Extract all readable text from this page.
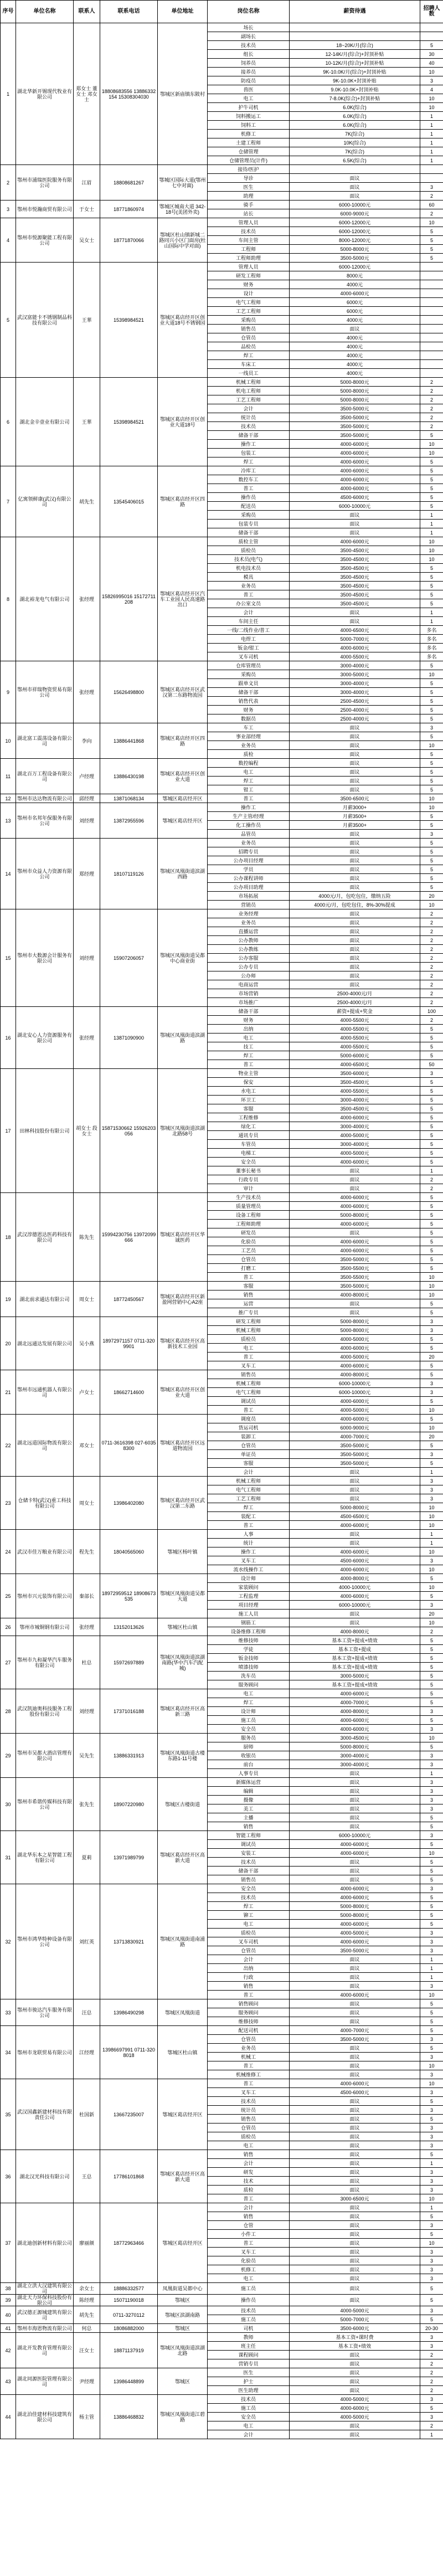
序号	单位名称	联系人	联系电话	单位地址	岗位名称	薪资待遇	招聘人数
1	湖北华新开锡现代牧业有限公司	郑女士 董女士 邓女士	18808683556 13886332154 15308304030	鄂城区新庙镇东陂村	场长		
					副场长		
					技术员	18~20K/月(综合)	5
					组长	12-14K/月(综合)+封顶补贴	30
					饲养员	10-12K/月(综合)+封顶补贴	40
					接养员	9K-10.0K/月(综合)+封顶补贴	10
					防疫员	9K-10.0K+封顶补贴	3
					兽医	9.0K-10.0K+封顶补贴	4
					电工	7-8.0K(综合)+封顶补贴	10
					护牛司机	6.0K(综合)	10
					饲料搬运工	6.0K(综合)	1
					饲料工	6.0K(综合)	1
					机修工	7K(综合)	1
					土建工程师	10K(综合)	1
					仓储管理	7K(综合)	1
					仓储管理员(计件)	6.5K(综合)	1
2	鄂州市浦瑞医院服务有限公司	江眉	18808681267	鄂城区国际大道(鄂州七中对面)	接待/医护		
					导诊	面议	
					医生	面议	3
					助理	面议	2
3	鄂州市悦瀚商贸有限公司	于女士	18771860974	鄂城区城南大道 342-18号(美团外卖)	骑手	6000-10000元	60
					站长	6000-9000元	2
4	鄂州市悦源聚能工程有限公司	吴女士	18771870066	鄂城区杜山镇新城二路同兴小区门面房(杜山国际中学对面)	管理人员	6000-12000元	10
					技术员	6000-12000元	5
					车间主管	8000-12000元	5
					工程师	5000-8000元	5
					工程师助理	3500-5000元	5
5	武汉富能卡不锈钢制品科技有限公司	王華	15398984521	鄂城区葛店经开区创业大道18号不锈钢园	管理人员	6000-12000元	
					研发工程师	8000元	
					财务	4000元	
					设计	4000-6000元	
					电气工程师	6000元	
					工艺工程师	6000元	
					采购员	4000元	
					销售员	面议	
					仓管员	4000元	
					品检员	4000元	
					焊工	4000元	
					车床工	4000元	
					一线员工	4000元	
6	湖北金辛壹业有限公司	王華	15398984521	鄂城区葛店经开区创业大道18号	机械工程师	5000-8000元	2
					机电工程师	5000-8000元	2
					工艺工程师	5000-8000元	2
					会计	3500-5000元	2
					统计员	3500-5000元	2
					技术员	3500-5000元	2
					储备干部	3500-5000元	5
					操作工	4000-6000元	10
					包装工	4000-6000元	10
					焊工	4000-6000元	5
7	亿寓领鲜康(武汉)有限公司	胡先生	13545406015	鄂城区葛店经开区四路	冷库工	4000-6000元	5
					数控车工	4000-6000元	5
					普工	4000-6000元	5
					操作员	4500-6000元	5
					配送员	6000-10000元	5
					采购员	面议	1
					包装专员	面议	1
					储备干部	面议	1
8	湖北裕龙电气有限公司	张经理	15826995016 15172711208	鄂城区葛店经开区汽车工业园人民高速路出口	质检主管	4000-6000元	10
					质检员	3500-4500元	10
					技术员(电气)	3500-4500元	10
					机电技术员	3500-4500元	5
					模具	3500-4500元	5
					业务员	3500-4500元	5
					普工	3500-4500元	5
					办公室文员	3500-4500元	5
					会计	面议	1
					车间主任	面议	1
					一线/二线作业/普工	4000-6500元	多名
					电焊工	5000-7000元	多名
					钣金/钳工	4000-6000元	多名
					叉车司机	4000-5500元	多名
9	鄂州市祥瑞物资贸易有限公司	张经理	15626498800	鄂城区葛店经开区武汉第二东路物流园	仓库管理员	3000-4000元	5
					采购员	3000-5000元	10
					跟单文员	3000-4000元	5
					储备干部	3000-4000元	5
					销售代表	2500-4500元	5
					财务	2500-4000元	5
					数据员	2500-4000元	5
10	湖北富工震荡设备有限公司	李向	13886441868	鄂城区葛店经开区四路	车工	面议	3
					事业部经理	面议	5
					业务员	面议	10
					质检	面议	5
11	湖北百万工程设备有限公司	卢经理	13886430198	鄂城区葛店经开区创业大道	数控编程	面议	5
					电工	面议	5
					焊工	面议	5
					钳工	面议	5
12	鄂州市达达物流有限公司	邱经理	13871068134	鄂城区葛店经开区	普工	3500-6500元	10
13	鄂州市名邦年保服务有限公司	刘经理	13872955596	鄂城区葛店经开区	操作工	月薪3000+	10
					生产主管/经理	月薪3500+	5
					化工操作员	月薪3500+	5
					品管员	面议	3
14	鄂州市众益人力资源有限公司	郑经理	18107119126	鄂城区凤凰街道滨湖西路	业务员	面议	5
					招聘专员	面议	5
					公办项目经理	面议	5
					学员	面议	5
					公办课程讲师	面议	5
					公办项目助理	面议	5
					市场拓展	4000元/月，包吃包住，缴纳五险	20
					营销员	4000元/月，包吃包住，8%-30%提成	10
15	鄂州市大数源会计服务有限公司	刘经理	15907206057	鄂城区凤凰街道吴都中心商业街	业务经理	面议	2
					业务员	面议	2
					直播运营	面议	2
					公办教师	面议	2
					公办教练	面议	2
					公办客服	面议	2
					公办专员	面议	2
					公办师	面议	2
					电商运营	面议	2
					市场营销	2500-4000元/月	2
					市场推广	2500-4000元/月	2
16	湖北安心人力资源服务有限公司	张经理	13871090900	鄂城区凤凰街道滨湖路	储备干部	薪资+提成+奖金	100
					财务	4000-5500元	2
					出纳	4000-5500元	5
					电工	4000-5500元	5
					技工	4000-5500元	5
					焊工	5000-6000元	5
					普工	4000-6500元	50
17	田林科技股份有限公司	胡女士 段女士	15871530662 15926203056	鄂城区凤凰街道滨湖北路58号	物业主管	3500-6000元	3
					保安	3500-4500元	5
					水电工	4000-5500元	5
					环卫工	3000-4000元	5
					客服	3500-4500元	5
					工程维修	4000-6000元	5
					绿化工	3000-4000元	5
					通讯专员	4000-5000元	5
					车管员	3000-4000元	5
					电梯工	4000-5000元	5
					安全员	4000-6000元	5
					董事长秘书	面议	1
					行政专员	面议	2
					审计	面议	2
18	武汉淳德恩达医药科技有限公司	陈先生	15994230756 13972099666	鄂城区葛店经开区华诚医药	生产技术员	4000-6000元	5
					质量管理员	4000-6000元	5
					设备工程师	5000-8000元	5
					工程师助理	4000-6000元	5
					研发员	面议	5
					化验员	4000-6000元	5
					工艺员	4000-6000元	5
					仓管员	3500-5000元	5
					打磨工	3500-5500元	5
					普工	3500-5500元	10
19	湖北前求通达有限公司	周女士	18772450567	鄂城区葛店经开区新盈网营销中心A2座	客服	3500-5000元	10
					销售	4000-8000元	10
					运营	面议	5
					推广专员	面议	5
20	湖北远通达发展有限公司	吴小燕	18972971157 0711-3209901	鄂城区葛店经开区高新技术工业园	研发工程师	5000-8000元	3
					机械工程师	5000-8000元	3
					质检员	4000-5000元	5
					电工	4000-6000元	5
					普工	4000-5000元	20
					叉车工	4000-6000元	5
21	鄂州市远通机器人有限公司	卢女士	18662714600	鄂城区葛店经开区创业大道	销售员	4000-8000元	5
					机械工程师	6000-10000元	3
					电气工程师	6000-10000元	3
					调试员	4000-6000元	5
					普工	4000-5000元	10
22	湖北远道国际物流有限公司	邓女士	0711-3616398 027-60358300	鄂城区葛店经开区远道物流园	调度员	4000-6000元	5
					货运司机	6000-9000元	10
					装卸工	4000-7000元	20
					仓管员	3500-5000元	5
					单证员	3500-5000元	3
					客服	3500-5000元	5
					会计	面议	1
23	仓储卡特(武汉)重工科技有限公司	周女士	13986402080	鄂城区葛店经开区武汉第二东路	机械工程师	面议	3
					电气工程师	面议	3
					工艺工程师	面议	3
					焊工	5000-8000元	10
					装配工	4500-6500元	10
					普工	4000-6000元	10
24	武汉市佳万粮业有限公司	程先生	18040565060	鄂城区杨叶镇	人事	面议	1
					统计	面议	1
					操作工	4000-6000元	10
					叉车工	4500-6000元	3
					流水线操作工	4000-6000元	10
25	鄂州市兴元装饰有限公司	秦部长	18972959512 18908673535	鄂城区凤凰街道吴都大道	设计师	4000-8000元	5
					家装顾问	4000-10000元	10
					工程监理	4000-6000元	5
					项目经理	6000-10000元	3
					施工人员	面议	20
26	鄂州市城铜钢有限公司	张经理	13152013626	鄂城区杜山镇	钢筋工	面议	10
					设备维修工程师	4000-8000元	2
27	鄂州市九和凝华汽车服务有限公司	杜总	15972697889	鄂城区凤凰街道滨湖南路(华中汽车汽配城)	维修技师	基本工资+提成+绩效	5
					学徒	基本工资+提成	5
					钣金技师	基本工资+提成+绩效	5
					喷漆技师	基本工资+提成+绩效	5
					洗车员	3000-5000元	5
					服务顾问	基本工资+提成+绩效	5
28	武汉凯迪奥科技服务工程股份有限公司	刘经理	17371016188	鄂城区葛店经开区高新三路	电工	4000-6000元	5
					焊工	4000-7000元	5
					设计师	4000-8000元	3
					施工员	4000-6000元	5
					安全员	4000-6000元	3
29	鄂州市吴都大酒店管理有限公司	吴先生	13886331913	鄂城区凤凰街道古楼东路1-11号楼	服务员	3000-4500元	10
					厨师	5000-8000元	5
					收银员	3000-4000元	3
					前台	3000-4000元	3
					人事专员	面议	1
30	鄂州市希谐传媒科技有限公司	张先生	18907220980	鄂城区古楼街道	新媒体运营	面议	3
					编辑	面议	3
					摄像	面议	3
					美工	面议	3
					主播	面议	5
					销售	面议	5
31	湖北华东本之星智能工程有限公司	夏莉	13971989799	鄂城区葛店经开区高新大道	智能工程师	6000-10000元	3
					调试员	4000-6000元	5
					安装工	4000-6000元	10
					技术员	面议	5
					储备干部	面议	5
					销售员	面议	5
32	鄂州市鸿华特种设备有限公司	刘红英	13713830921	鄂城区凤凰街道南浦路	安全员	4000-6000元	3
					技术员	4000-6000元	5
					焊工	5000-8000元	5
					铆工	5000-8000元	5
					电工	4000-6000元	5
					质检员	4000-5000元	3
					叉车司机	4000-6000元	3
					仓管员	3500-5000元	3
					会计	面议	1
					出纳	面议	1
					行政	面议	1
					销售	面议	3
					普工	4000-6000元	10
33	鄂州市骏达汽车服务有限公司	汪总	13986490298	鄂城区凤凰街道	销售顾问	面议	5
					服务顾问	面议	5
					维修技师	面议	5
34	鄂州市龙联贸易有限公司	江经理	13986697991 0711-3208018	鄂城区杜山镇	配送司机	4000-7000元	5
					仓管员	3500-5000元	3
					业务员	面议	5
					机械工	面议	3
					普工	面议	10
					机械维修工	面议	3
35	武汉国鑫新建材科技有限责任公司	杜国新	13667235007	鄂城区葛店经开区	普工	4000-6000元	10
					叉车工	4500-6000元	3
					技术员	面议	5
					统计员	面议	3
					销售员	面议	5
					仓管员	面议	3
					质检员	面议	3
					电工	面议	3
36	湖北汉光科技有限公司	王总	17786101868	鄂城区葛店经开区高新大道	销售	面议	5
					会计	面议	1
					研发	面议	3
					技术	面议	3
					质检	面议	3
					普工	3000-6500元	10
37	湖北迪创新材料有限公司	廖丽颜	18772963466	鄂城区葛店经开区	会计	面议	1
					销售	面议	5
					仓管	面议	3
					小件工	面议	5
					普工	面议	10
					叉车工	面议	3
					化验员	面议	3
					机修工	面议	3
					电工	面议	3
38	湖北立洪大汉建筑有限公司	余女士	18886332577	凤凰街道吴都中心	施工员	面议	5
39	湖北天力环保科技股份有限公司	陈经理	15071190018	鄂城区	操作员	面议	5
40	武汉德正源城建筑有限公司	胡先生	0711-3270112	鄂城区滨湖南路	技术员	4000-5000元	3
					施工员	5000-7000元	5
41	鄂州市海恩物流有限公司	何总	18086882000	鄂城区	司机	3500-6000元	20-30
42	湖北开发教育管理有限公司	汪女士	18871137919	鄂城区凤凰街道滨湖北路	教师	基本工资+课时费	3
					班主任	基本工资+绩效	3
					课程顾问	面议	2
					营销专员	面议	2
43	湖北同源医院管理有限公司	尹经理	13986448899	鄂城区	医生	面议	2
					护士	面议	2
					医生助理	面议	2
44	湖北泊佳建材科技建筑有限公司	杨主管	13886468832	鄂城区凤凰街道江碧路	技术员	4000-5000元	3
					施工员	4000-6000元	5
					安全员	4000-5000元	3
					电工	面议	2
					会计	面议	1
